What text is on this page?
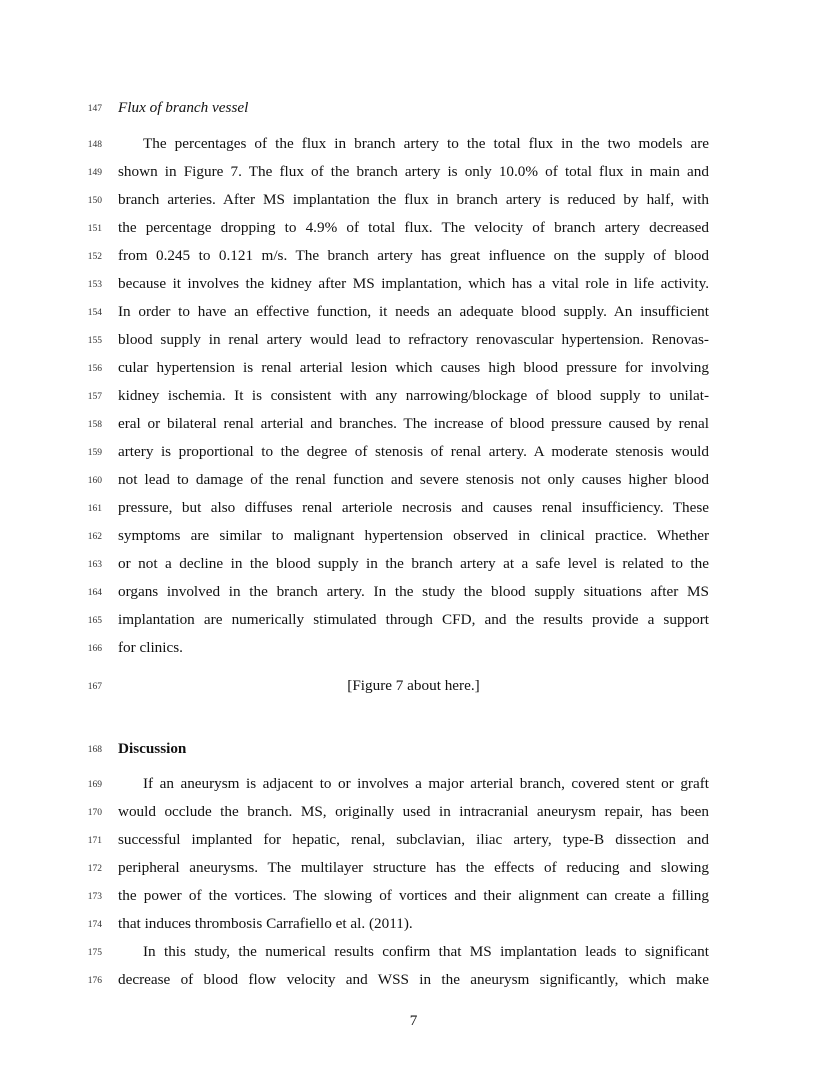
147 Flux of branch vessel
148	The percentages of the flux in branch artery to the total flux in the two models are
149 shown in Figure 7. The flux of the branch artery is only 10.0% of total flux in main and
150 branch arteries. After MS implantation the flux in branch artery is reduced by half, with
151 the percentage dropping to 4.9% of total flux. The velocity of branch artery decreased
152 from 0.245 to 0.121 m/s. The branch artery has great influence on the supply of blood
153 because it involves the kidney after MS implantation, which has a vital role in life activity.
154 In order to have an effective function, it needs an adequate blood supply. An insufficient
155 blood supply in renal artery would lead to refractory renovascular hypertension. Renovas-
156 cular hypertension is renal arterial lesion which causes high blood pressure for involving
157 kidney ischemia. It is consistent with any narrowing/blockage of blood supply to unilat-
158 eral or bilateral renal arterial and branches. The increase of blood pressure caused by renal
159 artery is proportional to the degree of stenosis of renal artery. A moderate stenosis would
160 not lead to damage of the renal function and severe stenosis not only causes higher blood
161 pressure, but also diffuses renal arteriole necrosis and causes renal insufficiency. These
162 symptoms are similar to malignant hypertension observed in clinical practice. Whether
163 or not a decline in the blood supply in the branch artery at a safe level is related to the
164 organs involved in the branch artery. In the study the blood supply situations after MS
165 implantation are numerically stimulated through CFD, and the results provide a support
166 for clinics.
167	[Figure 7 about here.]
168 Discussion
169	If an aneurysm is adjacent to or involves a major arterial branch, covered stent or graft
170 would occlude the branch. MS, originally used in intracranial aneurysm repair, has been
171 successful implanted for hepatic, renal, subclavian, iliac artery, type-B dissection and
172 peripheral aneurysms. The multilayer structure has the effects of reducing and slowing
173 the power of the vortices. The slowing of vortices and their alignment can create a filling
174 that induces thrombosis Carrafiello et al. (2011).
175	In this study, the numerical results confirm that MS implantation leads to significant
176 decrease of blood flow velocity and WSS in the aneurysm significantly, which make
7
